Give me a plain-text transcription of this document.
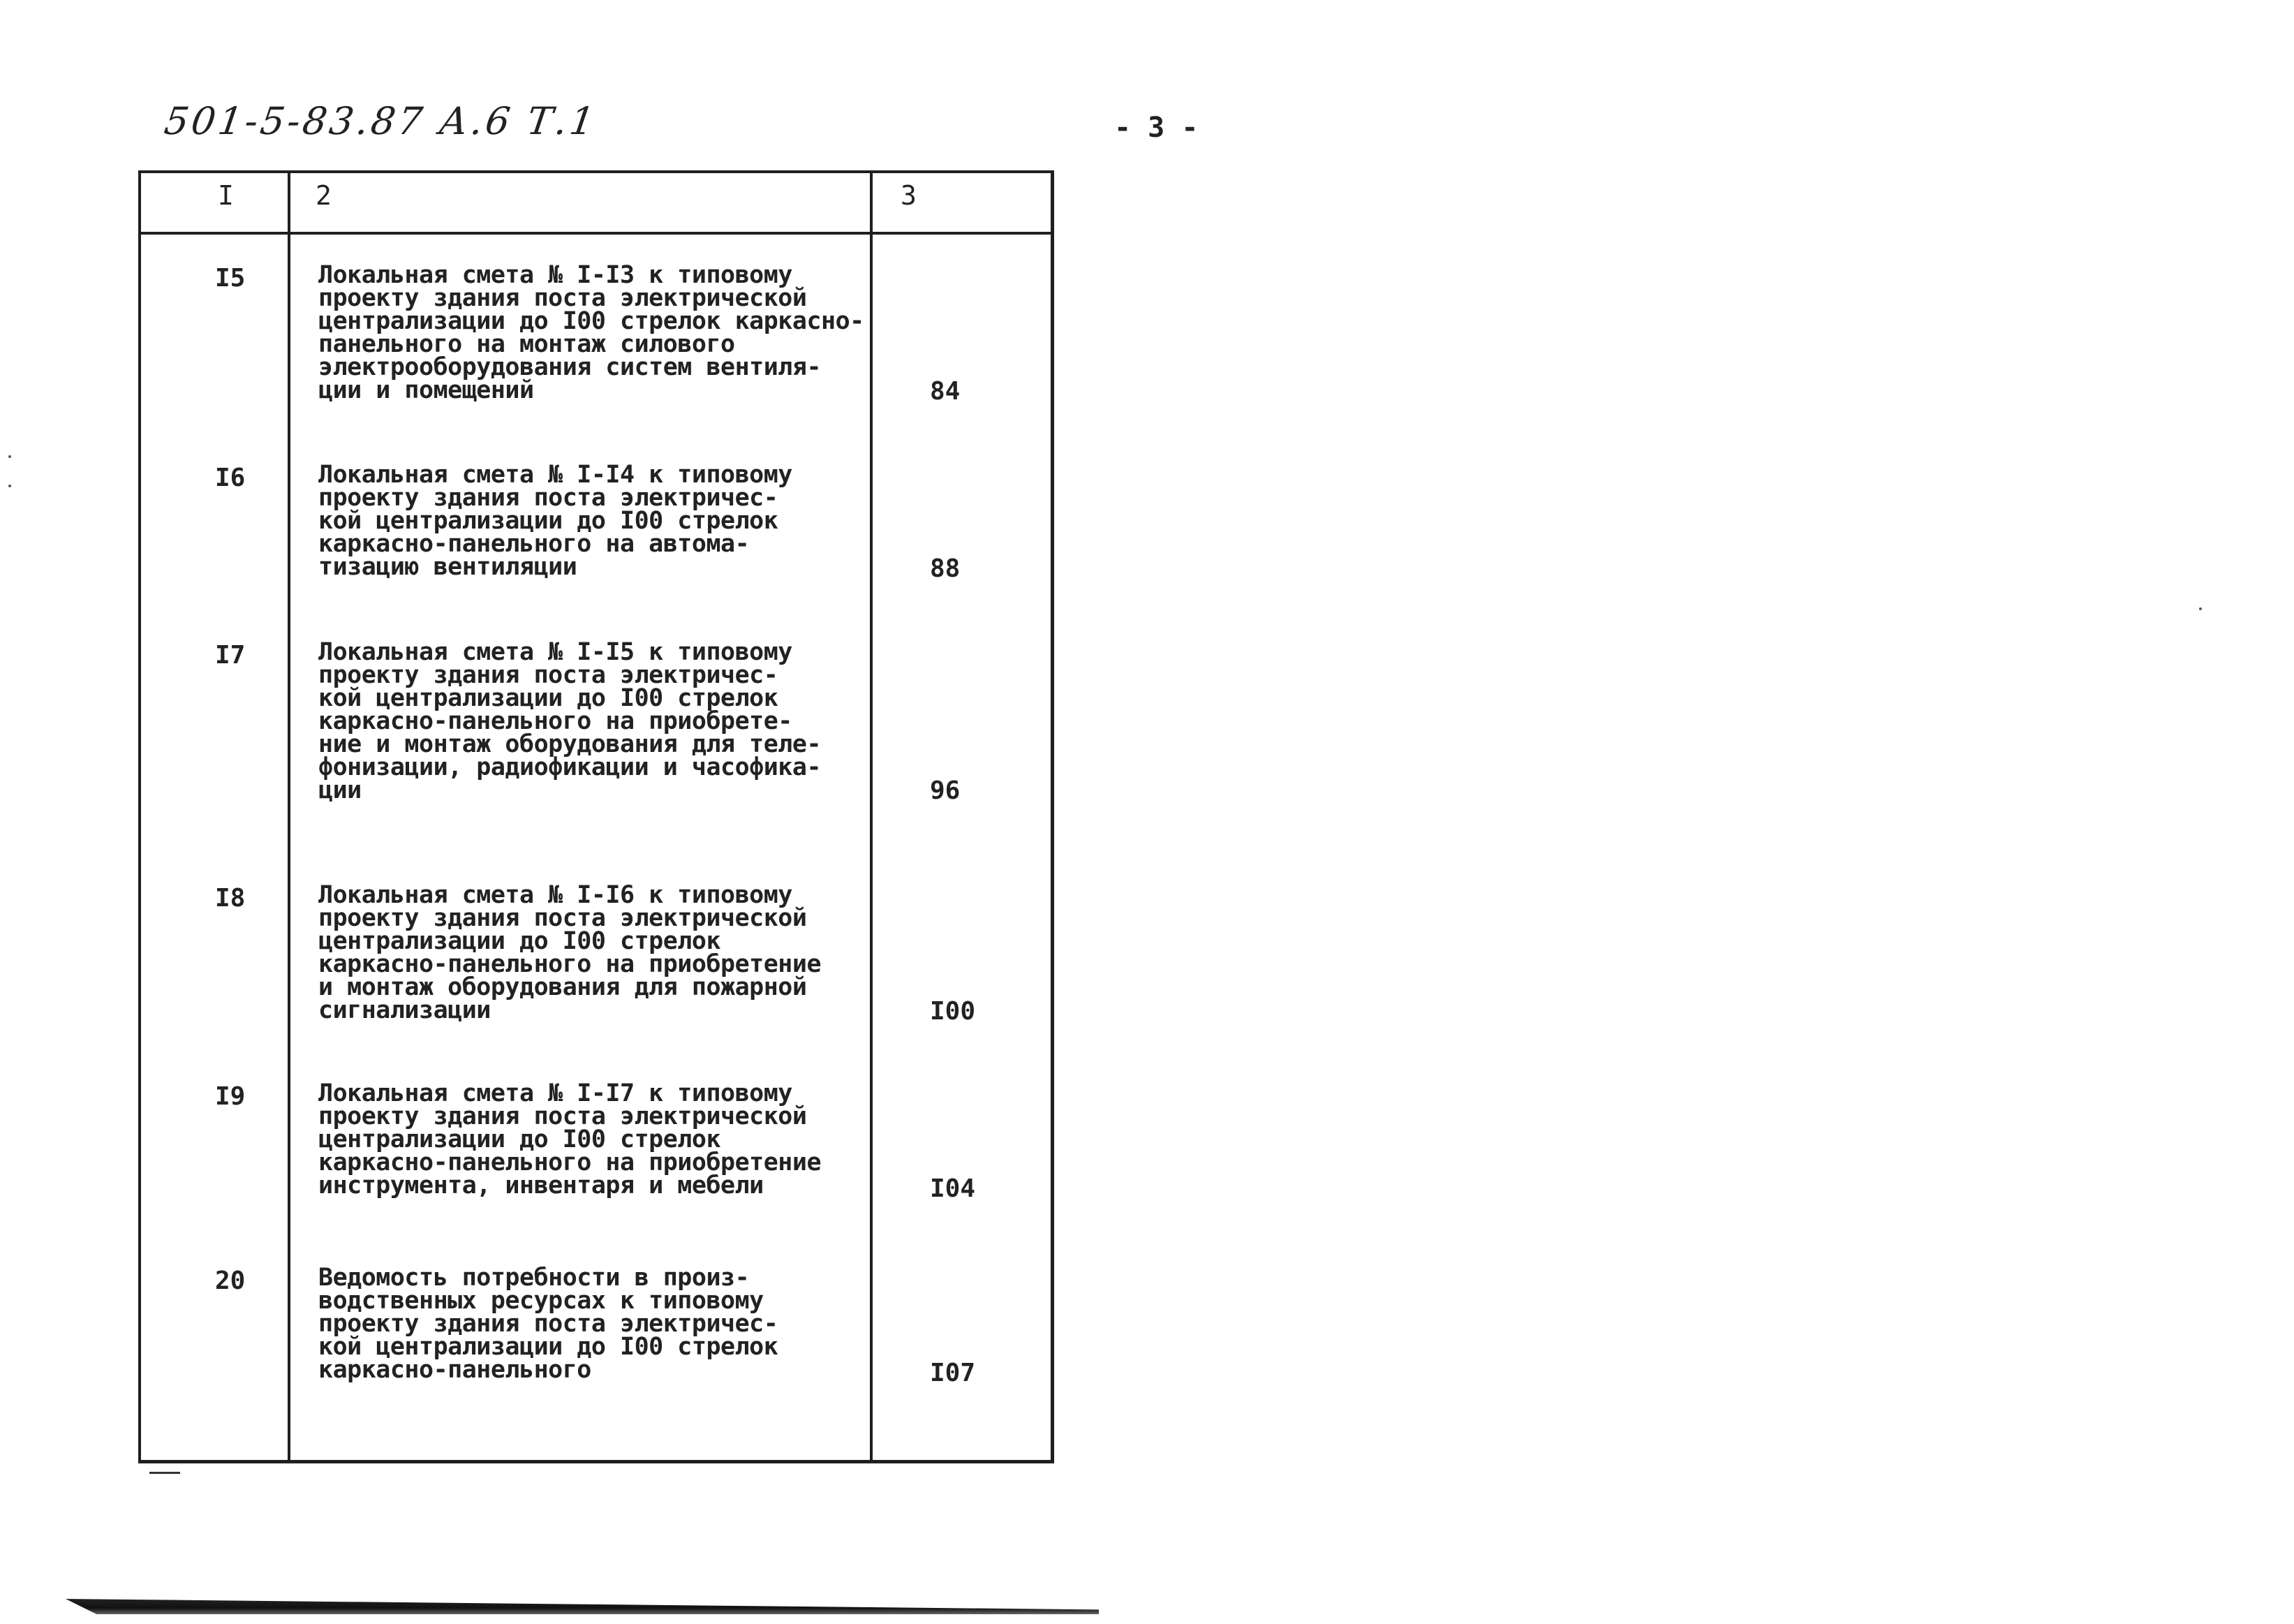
501-5-83.87 А.6 Т.1	- 3 -
I	2	3
I5	Локальная смета № I-I3 к типовому
проекту здания поста электрической
централизации до I00 стрелок каркасно-
панельного на монтаж силового
электрооборудования систем вентиля-
ции и помещений	84
I6	Локальная смета № I-I4 к типовому
проекту здания поста электричес-
кой централизации до I00 стрелок
каркасно-панельного на автома-
тизацию вентиляции	88
I7	Локальная смета № I-I5 к типовому
проекту здания поста электричес-
кой централизации до I00 стрелок
каркасно-панельного на приобрете-
ние и монтаж оборудования для теле-
фонизации, радиофикации и часофика-
ции	96
I8	Локальная смета № I-I6 к типовому
проекту здания поста электрической
централизации до I00 стрелок
каркасно-панельного на приобретение
и монтаж оборудования для пожарной
сигнализации	I00
I9	Локальная смета № I-I7 к типовому
проекту здания поста электрической
централизации до I00 стрелок
каркасно-панельного на приобретение
инструмента, инвентаря и мебели	I04
20	Ведомость потребности в произ-
водственных ресурсах к типовому
проекту здания поста электричес-
кой централизации до I00 стрелок
каркасно-панельного	I07
